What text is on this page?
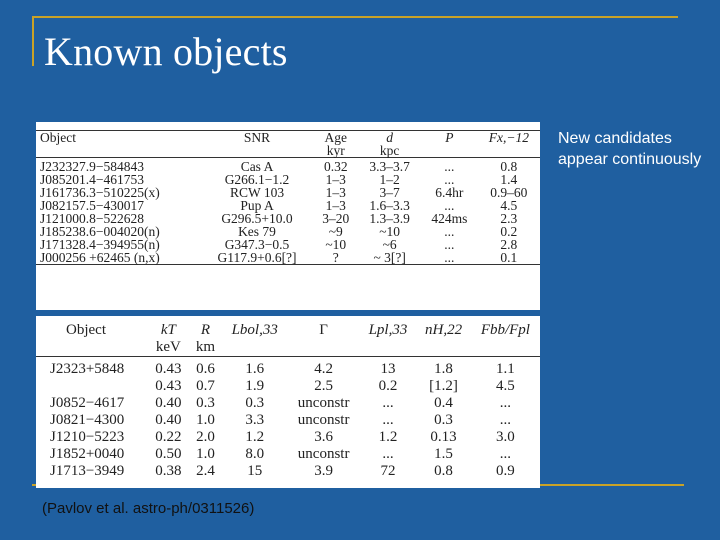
Known objects
New candidates appear continuously
Object	SNR	Age	d	P	Fx,−12
		kyr	kpc		
J232327.9−584843	Cas A	0.32	3.3–3.7	...	0.8
J085201.4−461753	G266.1−1.2	1–3	1–2	...	1.4
J161736.3−510225(x)	RCW 103	1–3	3–7	6.4hr	0.9–60
J082157.5−430017	Pup A	1–3	1.6–3.3	...	4.5
J121000.8−522628	G296.5+10.0	3–20	1.3–3.9	424ms	2.3
J185238.6−004020(n)	Kes 79	~9	~10	...	0.2
J171328.4−394955(n)	G347.3−0.5	~10	~6	...	2.8
J000256 +62465 (n,x)	G117.9+0.6[?]	?	~ 3[?]	...	0.1
Object	kT	R	Lbol,33	Γ	Lpl,33	nH,22	Fbb/Fpl
	keV	km					
J2323+5848	0.43	0.6	1.6	4.2	13	1.8	1.1
	0.43	0.7	1.9	2.5	0.2	[1.2]	4.5
J0852−4617	0.40	0.3	0.3	unconstr	...	0.4	...
J0821−4300	0.40	1.0	3.3	unconstr	...	0.3	...
J1210−5223	0.22	2.0	1.2	3.6	1.2	0.13	3.0
J1852+0040	0.50	1.0	8.0	unconstr	...	1.5	...
J1713−3949	0.38	2.4	15	3.9	72	0.8	0.9
(Pavlov et al. astro-ph/0311526)
